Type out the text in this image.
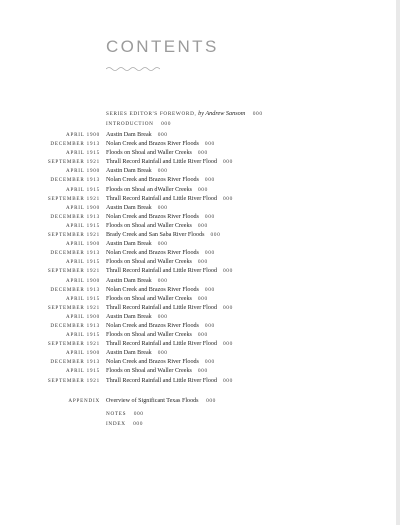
CONTENTS
SERIES EDITOR'S FOREWORD, by Andrew Sansom 000
INTRODUCTION 000
APRIL 1900 Austin Dam Break 000
DECEMBER 1913 Nolan Creek and Brazos River Floods 000
APRIL 1915 Floods on Shoal and Waller Creeks 000
SEPTEMBER 1921 Thrall Record Rainfall and Little River Flood 000
APRIL 1900 Austin Dam Break 000
DECEMBER 1913 Nolan Creek and Brazos River Floods 000
APRIL 1915 Floods on Shoal an dWaller Creeks 000
SEPTEMBER 1921 Thrall Record Rainfall and Little River Flood 000
APRIL 1900 Austin Dam Break 000
DECEMBER 1913 Nolan Creek and Brazos River Floods 000
APRIL 1915 Floods on Shoal and Waller Creeks 000
SEPTEMBER 1921 Brady Creek and San Saba River Floods 000
APRIL 1900 Austin Dam Break 000
DECEMBER 1913 Nolan Creek and Brazos River Floods 000
APRIL 1915 Floods on Shoal and Waller Creeks 000
SEPTEMBER 1921 Thrall Record Rainfall and Little River Flood 000
APRIL 1900 Austin Dam Break 000
DECEMBER 1913 Nolan Creek and Brazos River Floods 000
APRIL 1915 Floods on Shoal and Waller Creeks 000
SEPTEMBER 1921 Thrall Record Rainfall and Little River Flood 000
APRIL 1900 Austin Dam Break 000
DECEMBER 1913 Nolan Creek and Brazos River Floods 000
APRIL 1915 Floods on Shoal and Waller Creeks 000
SEPTEMBER 1921 Thrall Record Rainfall and Little River Flood 000
APRIL 1900 Austin Dam Break 000
DECEMBER 1913 Nolan Creek and Brazos River Floods 000
APRIL 1915 Floods on Shoal and Waller Creeks 000
SEPTEMBER 1921 Thrall Record Rainfall and Little River Flood 000
APPENDIX Overview of Significant Texas Floods 000
NOTES 000
INDEX 000
